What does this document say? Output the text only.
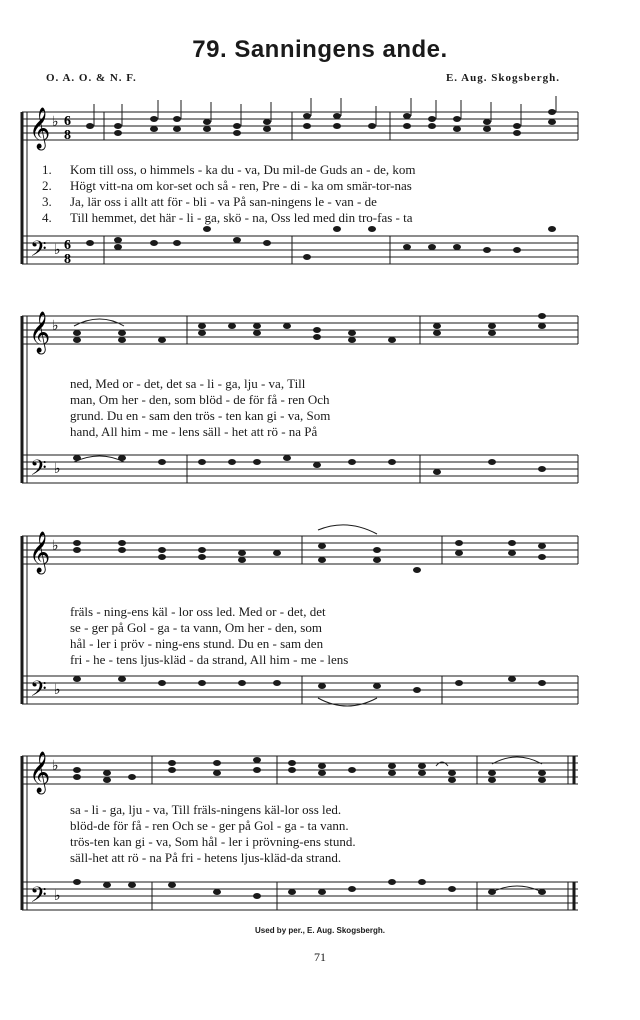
79. Sanningens ande.
O. A. O. & N. F.	E. Aug. Skogsbergh.
𝄞
𝄢
♭
♭
6
8
6
8
1.	Kom till oss, o himmels - ka du - va, Du mil-de Guds an - de, kom
2.	Högt vitt-na om kor-set och så - ren, Pre - di - ka om smär-tor-nas
3.	Ja, lär oss i allt att för - bli - va På san-ningens le - van - de
4.	Till hemmet, det här - li - ga, skö - na, Oss led med din tro-fas - ta
𝄞
𝄢
♭
♭
ned, Med or - det, det sa - li - ga, lju - va, Till
man, Om her - den, som blöd - de för få - ren Och
grund. Du en - sam den trös - ten kan gi - va, Som
hand, All him - me - lens säll - het att rö - na På
𝄞
𝄢
♭
♭
fräls - ning-ens käl - lor oss led. Med or - det, det
se - ger på Gol - ga - ta vann, Om her - den, som
hål - ler i pröv - ning-ens stund. Du en - sam den
fri - he - tens ljus-kläd - da strand, All him - me - lens
𝄞
𝄢
♭
♭
sa - li - ga, lju - va, Till fräls-ningens käl-lor oss led.
blöd-de för få - ren Och se - ger på Gol - ga - ta vann.
trös-ten kan gi - va, Som hål - ler i prövning-ens stund.
säll-het att rö - na På fri - hetens ljus-kläd-da strand.
Used by per., E. Aug. Skogsbergh.
71
